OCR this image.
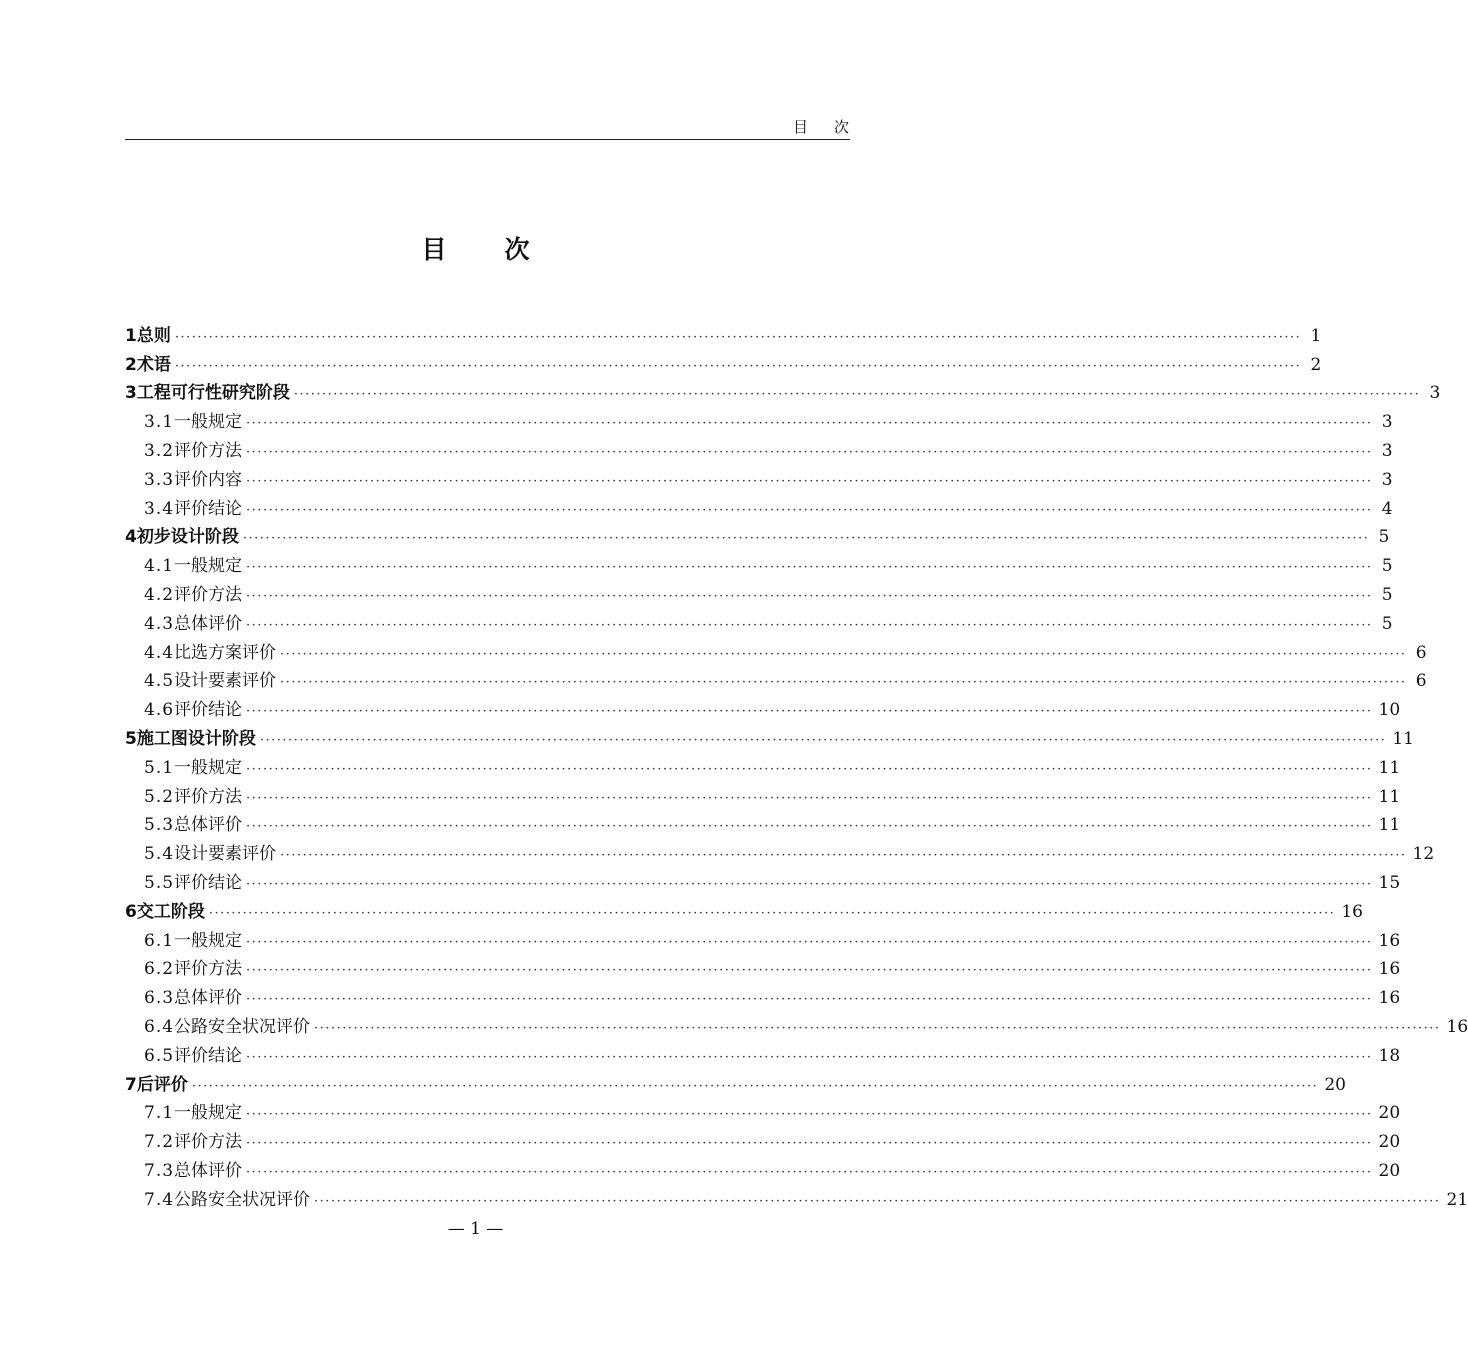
目次
目次
1 总则 ········································································································································································································ 1
2 术语 ········································································································································································································ 2
3 工程可行性研究阶段 ········································································································································································································ 3
3.1 一般规定 ········································································································································································································ 3
3.2 评价方法 ········································································································································································································ 3
3.3 评价内容 ········································································································································································································ 3
3.4 评价结论 ········································································································································································································ 4
4 初步设计阶段 ········································································································································································································ 5
4.1 一般规定 ········································································································································································································ 5
4.2 评价方法 ········································································································································································································ 5
4.3 总体评价 ········································································································································································································ 5
4.4 比选方案评价 ········································································································································································································ 6
4.5 设计要素评价 ········································································································································································································ 6
4.6 评价结论 ········································································································································································································ 10
5 施工图设计阶段 ········································································································································································································ 11
5.1 一般规定 ········································································································································································································ 11
5.2 评价方法 ········································································································································································································ 11
5.3 总体评价 ········································································································································································································ 11
5.4 设计要素评价 ········································································································································································································ 12
5.5 评价结论 ········································································································································································································ 15
6 交工阶段 ········································································································································································································ 16
6.1 一般规定 ········································································································································································································ 16
6.2 评价方法 ········································································································································································································ 16
6.3 总体评价 ········································································································································································································ 16
6.4 公路安全状况评价 ········································································································································································································ 16
6.5 评价结论 ········································································································································································································ 18
7 后评价 ········································································································································································································ 20
7.1 一般规定 ········································································································································································································ 20
7.2 评价方法 ········································································································································································································ 20
7.3 总体评价 ········································································································································································································ 20
7.4 公路安全状况评价 ········································································································································································································ 21
— 1 —
